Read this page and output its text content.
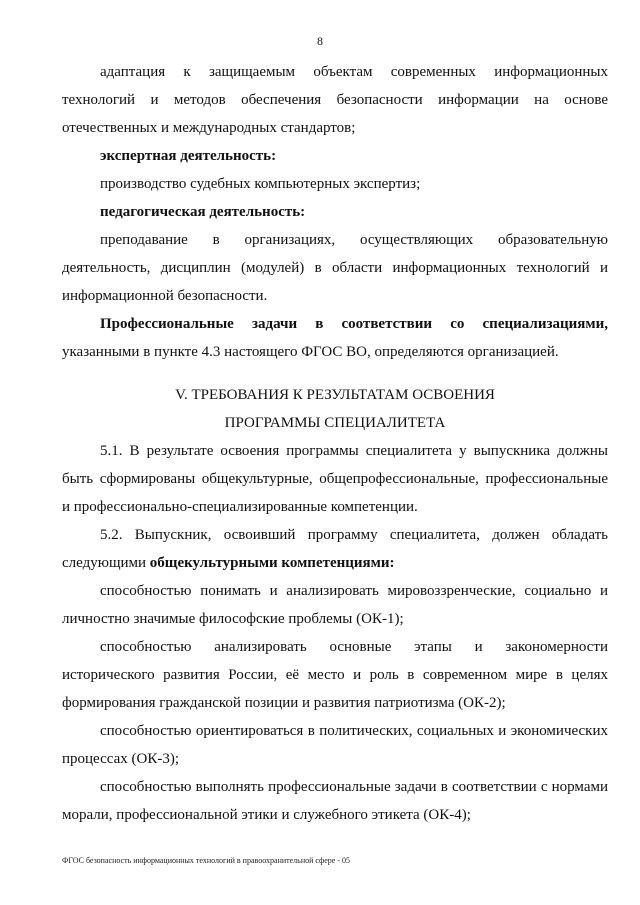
8

адаптация к защищаемым объектам современных информационных технологий и методов обеспечения безопасности информации на основе отечественных и международных стандартов;

экспертная деятельность:

производство судебных компьютерных экспертиз;

педагогическая деятельность:

преподавание в организациях, осуществляющих образовательную деятельность, дисциплин (модулей) в области информационных технологий и информационной безопасности.

Профессиональные задачи в соответствии со специализациями, указанными в пункте 4.3 настоящего ФГОС ВО, определяются организацией.

V. ТРЕБОВАНИЯ К РЕЗУЛЬТАТАМ ОСВОЕНИЯ

ПРОГРАММЫ СПЕЦИАЛИТЕТА

5.1. В результате освоения программы специалитета у выпускника должны быть сформированы общекультурные, общепрофессиональные, профессиональные и профессионально-специализированные компетенции.

5.2. Выпускник, освоивший программу специалитета, должен обладать следующими общекультурными компетенциями:

способностью понимать и анализировать мировоззренческие, социально и личностно значимые философские проблемы (ОК-1);

способностью анализировать основные этапы и закономерности исторического развития России, её место и роль в современном мире в целях формирования гражданской позиции и развития патриотизма (ОК-2);

способностью ориентироваться в политических, социальных и экономических процессах (ОК-3);

способностью выполнять профессиональные задачи в соответствии с нормами морали, профессиональной этики и служебного этикета (ОК-4);

ФГОС безопасность информационных технологий в правоохранительной сфере - 05
